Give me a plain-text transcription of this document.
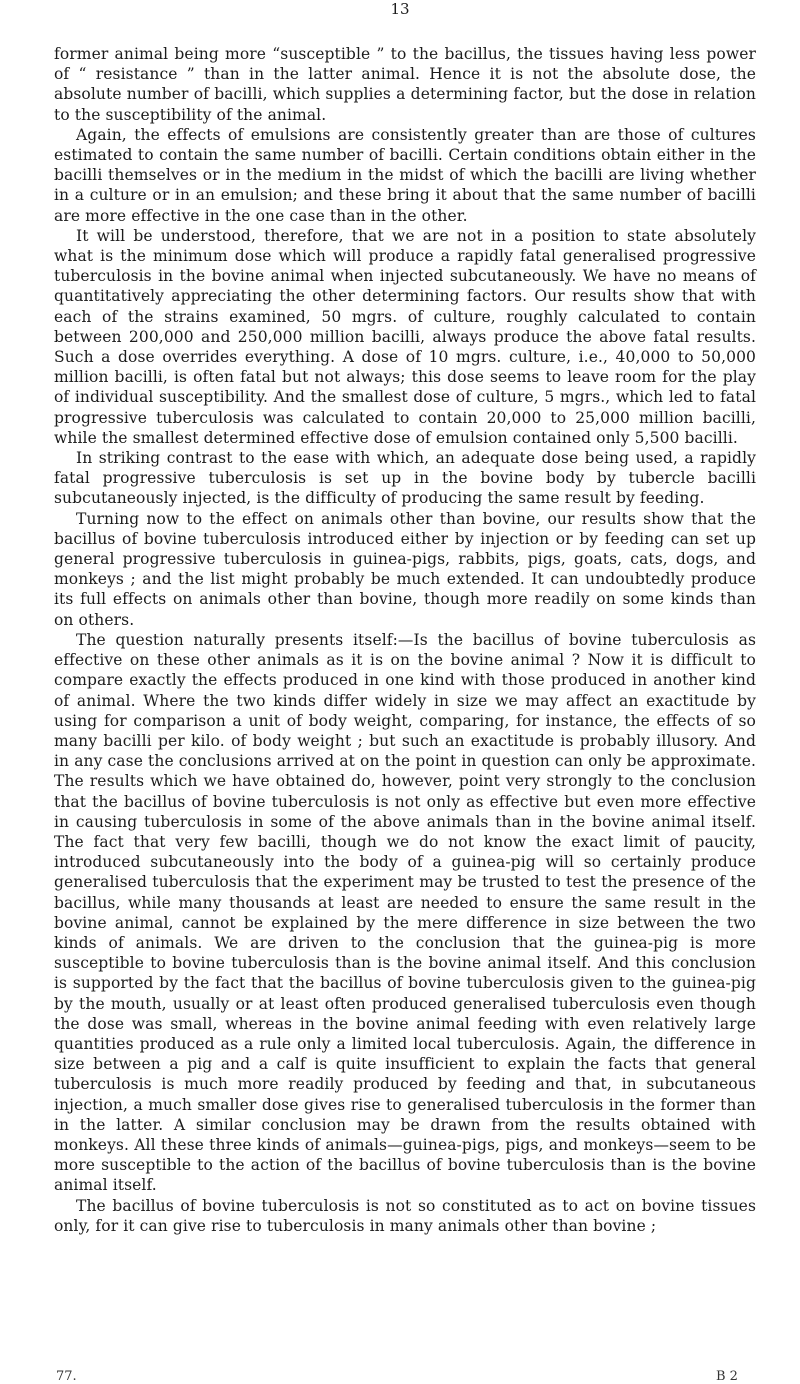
13

former animal being more “susceptible ” to the bacillus, the tissues having less power of “ resistance ” than in the latter animal. Hence it is not the absolute dose, the absolute number of bacilli, which supplies a determining factor, but the dose in relation to the susceptibility of the animal.

Again, the effects of emulsions are consistently greater than are those of cultures estimated to contain the same number of bacilli. Certain conditions obtain either in the bacilli themselves or in the medium in the midst of which the bacilli are living whether in a culture or in an emulsion; and these bring it about that the same number of bacilli are more effective in the one case than in the other.

It will be understood, therefore, that we are not in a position to state absolutely what is the minimum dose which will produce a rapidly fatal generalised progressive tuberculosis in the bovine animal when injected subcutaneously. We have no means of quantitatively appreciating the other determining factors. Our results show that with each of the strains examined, 50 mgrs. of culture, roughly calculated to contain between 200,000 and 250,000 million bacilli, always produce the above fatal results. Such a dose overrides everything. A dose of 10 mgrs. culture, i.e., 40,000 to 50,000 million bacilli, is often fatal but not always; this dose seems to leave room for the play of individual susceptibility. And the smallest dose of culture, 5 mgrs., which led to fatal progressive tuberculosis was calculated to contain 20,000 to 25,000 million bacilli, while the smallest determined effective dose of emulsion contained only 5,500 bacilli.

In striking contrast to the ease with which, an adequate dose being used, a rapidly fatal progressive tuberculosis is set up in the bovine body by tubercle bacilli subcutaneously injected, is the difficulty of producing the same result by feeding.

Turning now to the effect on animals other than bovine, our results show that the bacillus of bovine tuberculosis introduced either by injection or by feeding can set up general progressive tuberculosis in guinea-pigs, rabbits, pigs, goats, cats, dogs, and monkeys ; and the list might probably be much extended. It can undoubtedly produce its full effects on animals other than bovine, though more readily on some kinds than on others.

The question naturally presents itself:—Is the bacillus of bovine tuberculosis as effective on these other animals as it is on the bovine animal ? Now it is difficult to compare exactly the effects produced in one kind with those produced in another kind of animal. Where the two kinds differ widely in size we may affect an exactitude by using for comparison a unit of body weight, comparing, for instance, the effects of so many bacilli per kilo. of body weight ; but such an exactitude is probably illusory. And in any case the conclusions arrived at on the point in question can only be approximate. The results which we have obtained do, however, point very strongly to the conclusion that the bacillus of bovine tuberculosis is not only as effective but even more effective in causing tuberculosis in some of the above animals than in the bovine animal itself. The fact that very few bacilli, though we do not know the exact limit of paucity, introduced subcutaneously into the body of a guinea-pig will so certainly produce generalised tuberculosis that the experiment may be trusted to test the presence of the bacillus, while many thousands at least are needed to ensure the same result in the bovine animal, cannot be explained by the mere difference in size between the two kinds of animals. We are driven to the conclusion that the guinea-pig is more susceptible to bovine tuberculosis than is the bovine animal itself. And this conclusion is supported by the fact that the bacillus of bovine tuberculosis given to the guinea-pig by the mouth, usually or at least often produced generalised tuberculosis even though the dose was small, whereas in the bovine animal feeding with even relatively large quantities produced as a rule only a limited local tuberculosis. Again, the difference in size between a pig and a calf is quite insufficient to explain the facts that general tuberculosis is much more readily produced by feeding and that, in subcutaneous injection, a much smaller dose gives rise to generalised tuberculosis in the former than in the latter. A similar conclusion may be drawn from the results obtained with monkeys. All these three kinds of animals—guinea-pigs, pigs, and monkeys—seem to be more susceptible to the action of the bacillus of bovine tuberculosis than is the bovine animal itself.

The bacillus of bovine tuberculosis is not so constituted as to act on bovine tissues only, for it can give rise to tuberculosis in many animals other than bovine ;

77.	B 2
